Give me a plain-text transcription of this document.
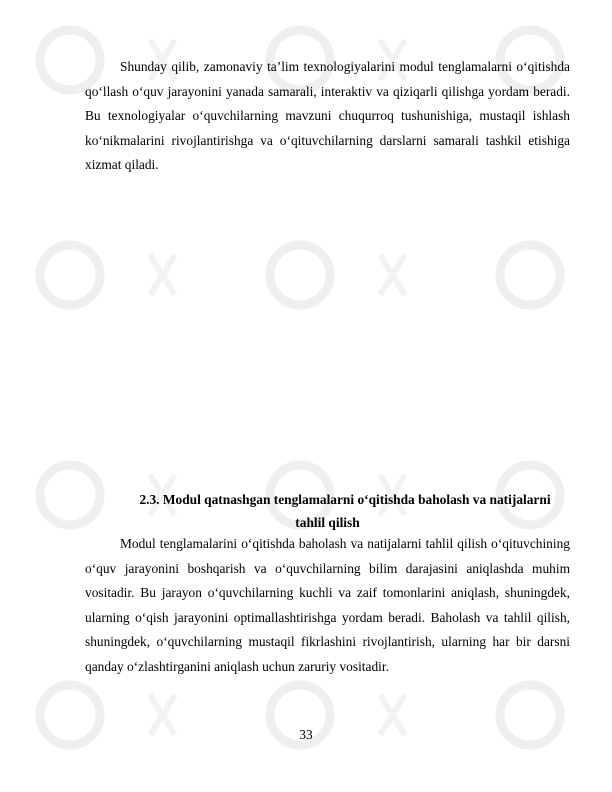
Shunday qilib, zamonaviy ta’lim texnologiyalarini modul tenglamalarni o‘qitishda qo‘llash o‘quv jarayonini yanada samarali, interaktiv va qiziqarli qilishga yordam beradi. Bu texnologiyalar o‘quvchilarning mavzuni chuqurroq tushunishiga, mustaqil ishlash ko‘nikmalarini rivojlantirishga va o‘qituvchilarning darslarni samarali tashkil etishiga xizmat qiladi.

2.3. Modul qatnashgan tenglamalarni o‘qitishda baholash va natijalarni
tahlil qilish

Modul tenglamalarini o‘qitishda baholash va natijalarni tahlil qilish o‘qituvchining o‘quv jarayonini boshqarish va o‘quvchilarning bilim darajasini aniqlashda muhim vositadir. Bu jarayon o‘quvchilarning kuchli va zaif tomonlarini aniqlash, shuningdek, ularning o‘qish jarayonini optimallashtirishga yordam beradi. Baholash va tahlil qilish, shuningdek, o‘quvchilarning mustaqil fikrlashini rivojlantirish, ularning har bir darsni qanday o‘zlashtirganini aniqlash uchun zaruriy vositadir.

33
